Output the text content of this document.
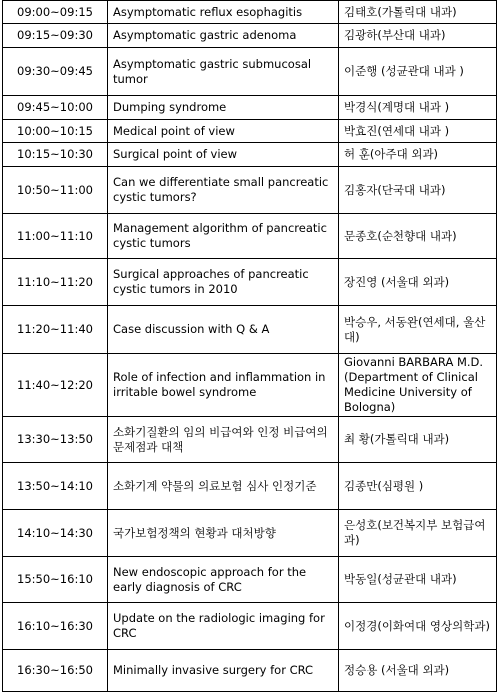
09:00~09:15	Asymptomatic reflux esophagitis	김태호(가톨릭대 내과)
09:15~09:30	Asymptomatic gastric adenoma	김광하(부산대 내과)
09:30~09:45	Asymptomatic gastric submucosal tumor	이준행 (성균관대 내과 )
09:45~10:00	Dumping syndrome	박경식(계명대 내과 )
10:00~10:15	Medical point of view	박효진(연세대 내과 )
10:15~10:30	Surgical point of view	허 훈(아주대 외과)
10:50~11:00	Can we differentiate small pancreatic cystic tumors?	김홍자(단국대 내과)
11:00~11:10	Management algorithm of pancreatic cystic tumors	문종호(순천향대 내과)
11:10~11:20	Surgical approaches of pancreatic cystic tumors in 2010	장진영 (서울대 외과)
11:20~11:40	Case discussion with Q & A	박승우, 서동완(연세대, 울산대)
11:40~12:20	Role of infection and inflammation in irritable bowel syndrome	Giovanni BARBARA M.D.(Department of Clinical Medicine University of Bologna)
13:30~13:50	소화기질환의 임의 비급여와 인정 비급여의 문제점과 대책	최 황(가톨릭대 내과)
13:50~14:10	소화기계 약물의 의료보험 심사 인정기준	김종만(심평원 )
14:10~14:30	국가보험정책의 현황과 대처방향	은성호(보건복지부 보험급여과)
15:50~16:10	New endoscopic approach for the early diagnosis of CRC	박동일(성균관대 내과)
16:10~16:30	Update on the radiologic imaging for CRC	이정경(이화여대 영상의학과)
16:30~16:50	Minimally invasive surgery for CRC	정승용 (서울대 외과)
